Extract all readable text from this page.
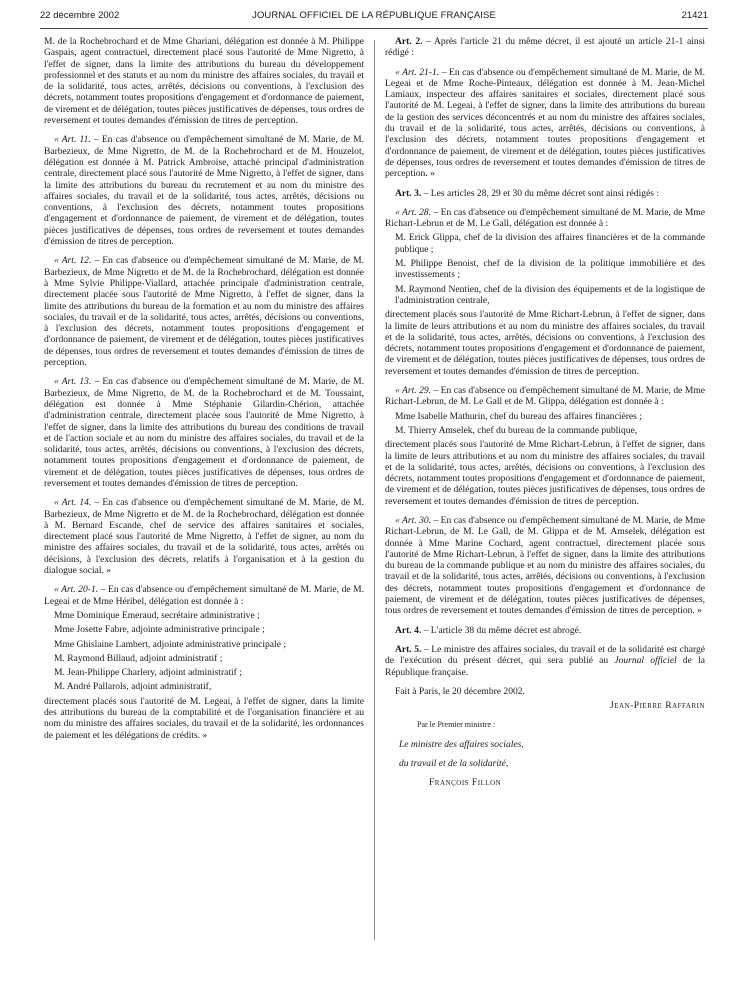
22 décembre 2002	JOURNAL OFFICIEL DE LA RÉPUBLIQUE FRANÇAISE	21421

M. de la Rochebrochard et de Mme Ghariani, délégation est donnée à M. Philippe Gaspais, agent contractuel, directement placé sous l'autorité de Mme Nigretto, à l'effet de signer, dans la limite des attributions du bureau du développement professionnel et des statuts et au nom du ministre des affaires sociales, du travail et de la solidarité, tous actes, arrêtés, décisions ou conventions, à l'exclusion des décrets, notamment toutes propositions d'engagement et d'ordonnance de paiement, de virement et de délégation, toutes pièces justificatives de dépenses, tous ordres de reversement et toutes demandes d'émission de titres de perception.

« Art. 11. – En cas d'absence ou d'empêchement simultané de M. Marie, de M. Barbezieux, de Mme Nigretto, de M. de la Rochebrochard et de M. Houzelot, délégation est donnée à M. Patrick Ambroise, attaché principal d'administration centrale, directement placé sous l'autorité de Mme Nigretto, à l'effet de signer, dans la limite des attributions du bureau du recrutement et au nom du ministre des affaires sociales, du travail et de la solidarité, tous actes, arrêtés, décisions ou conventions, à l'exclusion des décrets, notamment toutes propositions d'engagement et d'ordonnance de paiement, de virement et de délégation, toutes pièces justificatives de dépenses, tous ordres de reversement et toutes demandes d'émission de titres de perception.

« Art. 12. – En cas d'absence ou d'empêchement simultané de M. Marie, de M. Barbezieux, de Mme Nigretto et de M. de la Rochebrochard, délégation est donnée à Mme Sylvie Philippe-Viallard, attachée principale d'administration centrale, directement placée sous l'autorité de Mme Nigretto, à l'effet de signer, dans la limite des attributions du bureau de la formation et au nom du ministre des affaires sociales, du travail et de la solidarité, tous actes, arrêtés, décisions ou conventions, à l'exclusion des décrets, notamment toutes propositions d'engagement et d'ordonnance de paiement, de virement et de délégation, toutes pièces justificatives de dépenses, tous ordres de reversement et toutes demandes d'émission de titres de perception.

« Art. 13. – En cas d'absence ou d'empêchement simultané de M. Marie, de M. Barbezieux, de Mme Nigretto, de M. de la Rochebrochard et de M. Toussaint, délégation est donnée à Mme Stéphanie Gilardin-Chérion, attachée d'administration centrale, directement placée sous l'autorité de Mme Nigretto, à l'effet de signer, dans la limite des attributions du bureau des conditions de travail et de l'action sociale et au nom du ministre des affaires sociales, du travail et de la solidarité, tous actes, arrêtés, décisions ou conventions, à l'exclusion des décrets, notamment toutes propositions d'engagement et d'ordonnance de paiement, de virement et de délégation, toutes pièces justificatives de dépenses, tous ordres de reversement et toutes demandes d'émission de titres de perception.

« Art. 14. – En cas d'absence ou d'empêchement simultané de M. Marie, de M. Barbezieux, de Mme Nigretto et de M. de la Rochebrochard, délégation est donnée à M. Bernard Escande, chef de service des affaires sanitaires et sociales, directement placé sous l'autorité de Mme Nigretto, à l'effet de signer, au nom du ministre des affaires sociales, du travail et de la solidarité, tous actes, arrêtés ou décisions, à l'exclusion des décrets, relatifs à l'organisation et à la gestion du dialogue social. »

« Art. 20-1. – En cas d'absence ou d'empêchement simultané de M. Marie, de M. Legeai et de Mme Héribel, délégation est donnée à :

Mme Dominique Emeraud, secrétaire administrative ;

Mme Josette Fabre, adjointe administrative principale ;

Mme Ghislaine Lambert, adjointe administrative principale ;

M. Raymond Billaud, adjoint administratif ;

M. Jean-Philippe Charlery, adjoint administratif ;

M. André Pallarols, adjoint administratif,

directement placés sous l'autorité de M. Legeai, à l'effet de signer, dans la limite des attributions du bureau de la comptabilité et de l'organisation financière et au nom du ministre des affaires sociales, du travail et de la solidarité, les ordonnances de paiement et les délégations de crédits. »

Art. 2. – Après l'article 21 du même décret, il est ajouté un article 21-1 ainsi rédigé :

« Art. 21-1. – En cas d'absence ou d'empêchement simultané de M. Marie, de M. Legeai et de Mme Roche-Pinteaux, délégation est donnée à M. Jean-Michel Lamiaux, inspecteur des affaires sanitaires et sociales, directement placé sous l'autorité de M. Legeai, à l'effet de signer, dans la limite des attributions du bureau de la gestion des services déconcentrés et au nom du ministre des affaires sociales, du travail et de la solidarité, tous actes, arrêtés, décisions ou conventions, à l'exclusion des décrets, notamment toutes propositions d'engagement et d'ordonnance de paiement, de virement et de délégation, toutes pièces justificatives de dépenses, tous ordres de reversement et toutes demandes d'émission de titres de perception. »

Art. 3. – Les articles 28, 29 et 30 du même décret sont ainsi rédigés :

« Art. 28. – En cas d'absence ou d'empêchement simultané de M. Marie, de Mme Richart-Lebrun et de M. Le Gall, délégation est donnée à :

M. Erick Glippa, chef de la division des affaires financières et de la commande publique ;

M. Philippe Benoist, chef de la division de la politique immobilière et des investissements ;

M. Raymond Nentien, chef de la division des équipements et de la logistique de l'administration centrale,

directement placés sous l'autorité de Mme Richart-Lebrun, à l'effet de signer, dans la limite de leurs attributions et au nom du ministre des affaires sociales, du travail et de la solidarité, tous actes, arrêtés, décisions ou conventions, à l'exclusion des décrets, notamment toutes propositions d'engagement et d'ordonnance de paiement, de virement et de délégation, toutes pièces justificatives de dépenses, tous ordres de reversement et toutes demandes d'émission de titres de perception.

« Art. 29. – En cas d'absence ou d'empêchement simultané de M. Marie, de Mme Richart-Lebrun, de M. Le Gall et de M. Glippa, délégation est donnée à :

Mme Isabelle Mathurin, chef du bureau des affaires financières ;

M. Thierry Amselek, chef du bureau de la commande publique,

directement placés sous l'autorité de Mme Richart-Lebrun, à l'effet de signer, dans la limite de leurs attributions et au nom du ministre des affaires sociales, du travail et de la solidarité, tous actes, arrêtés, décisions ou conventions, à l'exclusion des décrets, notamment toutes propositions d'engagement et d'ordonnance de paiement, de virement et de délégation, toutes pièces justificatives de dépenses, tous ordres de reversement et toutes demandes d'émission de titres de perception.

« Art. 30. – En cas d'absence ou d'empêchement simultané de M. Marie, de Mme Richart-Lebrun, de M. Le Gall, de M. Glippa et de M. Amselek, délégation est donnée à Mme Marine Cochard, agent contractuel, directement placée sous l'autorité de Mme Richart-Lebrun, à l'effet de signer, dans la limite des attributions du bureau de la commande publique et au nom du ministre des affaires sociales, du travail et de la solidarité, tous actes, arrêtés, décisions ou conventions, à l'exclusion des décrets, notamment toutes propositions d'engagement et d'ordonnance de paiement, de virement et de délégation, toutes pièces justificatives de dépenses, tous ordres de reversement et toutes demandes d'émission de titres de perception. »

Art. 4. – L'article 38 du même décret est abrogé.

Art. 5. – Le ministre des affaires sociales, du travail et de la solidarité est chargé de l'exécution du présent décret, qui sera publié au Journal officiel de la République française.

Fait à Paris, le 20 décembre 2002.

Jean-Pierre Raffarin

Par le Premier ministre :

Le ministre des affaires sociales,

du travail et de la solidarité,

François Fillon
